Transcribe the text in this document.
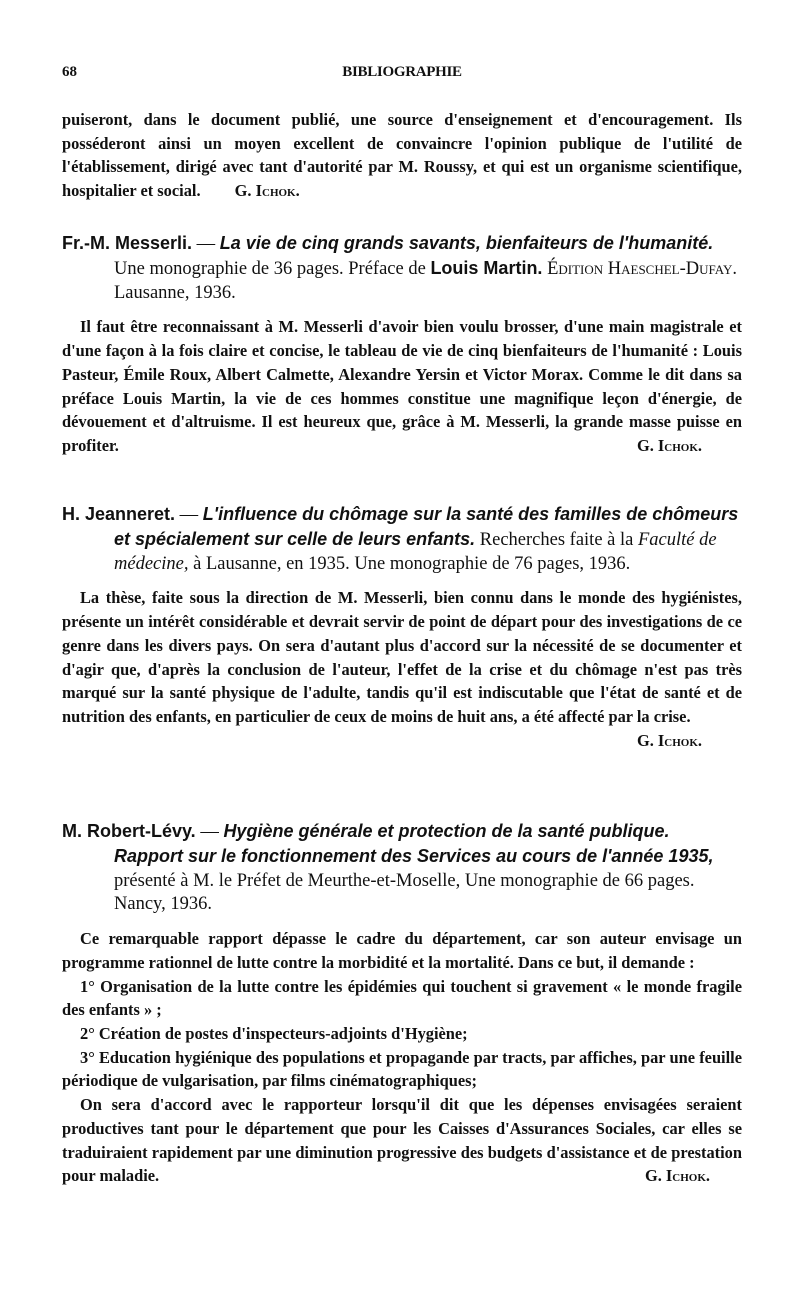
68	BIBLIOGRAPHIE

puiseront, dans le document publié, une source d'enseignement et d'encouragement. Ils posséderont ainsi un moyen excellent de convaincre l'opinion publique de l'utilité de l'établissement, dirigé avec tant d'autorité par M. Roussy, et qui est un organisme scientifique, hospitalier et social. G. Ichok.

Fr.-M. Messerli. — La vie de cinq grands savants, bienfaiteurs de l'humanité. Une monographie de 36 pages. Préface de Louis Martin. Édition Haeschel-Dufay. Lausanne, 1936.

Il faut être reconnaissant à M. Messerli d'avoir bien voulu brosser, d'une main magistrale et d'une façon à la fois claire et concise, le tableau de vie de cinq bienfaiteurs de l'humanité : Louis Pasteur, Émile Roux, Albert Calmette, Alexandre Yersin et Victor Morax. Comme le dit dans sa préface Louis Martin, la vie de ces hommes constitue une magnifique leçon d'énergie, de dévouement et d'altruisme. Il est heureux que, grâce à M. Messerli, la grande masse puisse en profiter.	G. Ichok.

H. Jeanneret. — L'influence du chômage sur la santé des familles de chômeurs et spécialement sur celle de leurs enfants. Recherches faite à la Faculté de médecine, à Lausanne, en 1935. Une monographie de 76 pages, 1936.

La thèse, faite sous la direction de M. Messerli, bien connu dans le monde des hygiénistes, présente un intérêt considérable et devrait servir de point de départ pour des investigations de ce genre dans les divers pays. On sera d'autant plus d'accord sur la nécessité de se documenter et d'agir que, d'après la conclusion de l'auteur, l'effet de la crise et du chômage n'est pas très marqué sur la santé physique de l'adulte, tandis qu'il est indiscutable que l'état de santé et de nutrition des enfants, en particulier de ceux de moins de huit ans, a été affecté par la crise.
G. Ichok.

M. Robert-Lévy. — Hygiène générale et protection de la santé publique. Rapport sur le fonctionnement des Services au cours de l'année 1935, présenté à M. le Préfet de Meurthe-et-Moselle, Une monographie de 66 pages. Nancy, 1936.

Ce remarquable rapport dépasse le cadre du département, car son auteur envisage un programme rationnel de lutte contre la morbidité et la mortalité. Dans ce but, il demande :

1° Organisation de la lutte contre les épidémies qui touchent si gravement « le monde fragile des enfants » ;

2° Création de postes d'inspecteurs-adjoints d'Hygiène;

3° Education hygiénique des populations et propagande par tracts, par affiches, par une feuille périodique de vulgarisation, par films cinématographiques;

On sera d'accord avec le rapporteur lorsqu'il dit que les dépenses envisagées seraient productives tant pour le département que pour les Caisses d'Assurances Sociales, car elles se traduiraient rapidement par une diminution progressive des budgets d'assistance et de prestation pour maladie.	G. Ichok.
